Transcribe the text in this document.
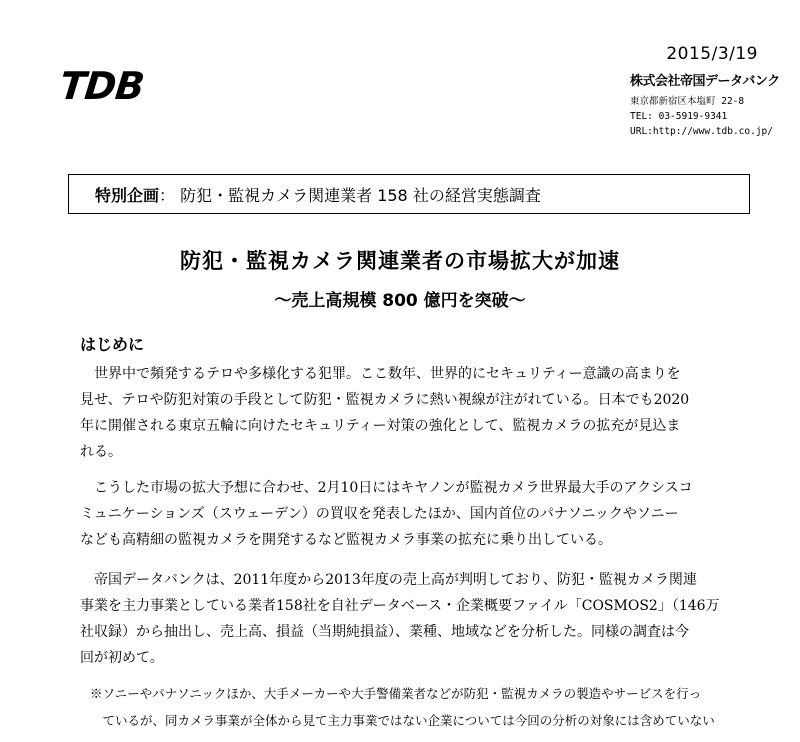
2015/3/19
TDB	株式会社帝国データバンク
東京都新宿区本塩町 22-8
TEL: 03-5919-9341
URL:http://www.tdb.co.jp/
特別企画 ： 防犯・監視カメラ関連業者 158 社の経営実態調査
防犯・監視カメラ関連業者の市場拡大が加速
～売上高規模 800 億円を突破～
はじめに
　世界中で頻発するテロや多様化する犯罪。ここ数年、世界的にセキュリティー意識の高まりを
見せ、テロや防犯対策の手段として防犯・監視カメラに熱い視線が注がれている。日本でも2020
年に開催される東京五輪に向けたセキュリティー対策の強化として、監視カメラの拡充が見込ま
れる。
　こうした市場の拡大予想に合わせ、2月10日にはキヤノンが監視カメラ世界最大手のアクシスコ
ミュニケーションズ（スウェーデン）の買収を発表したほか、国内首位のパナソニックやソニー
なども高精細の監視カメラを開発するなど監視カメラ事業の拡充に乗り出している。
　帝国データバンクは、2011年度から2013年度の売上高が判明しており、防犯・監視カメラ関連
事業を主力事業としている業者158社を自社データベース・企業概要ファイル「COSMOS2」（146万
社収録）から抽出し、売上高、損益（当期純損益）、業種、地域などを分析した。同様の調査は今
回が初めて。
※ソニーやパナソニックほか、大手メーカーや大手警備業者などが防犯・監視カメラの製造やサービスを行っ
　ているが、同カメラ事業が全体から見て主力事業ではない企業については今回の分析の対象には含めていない
